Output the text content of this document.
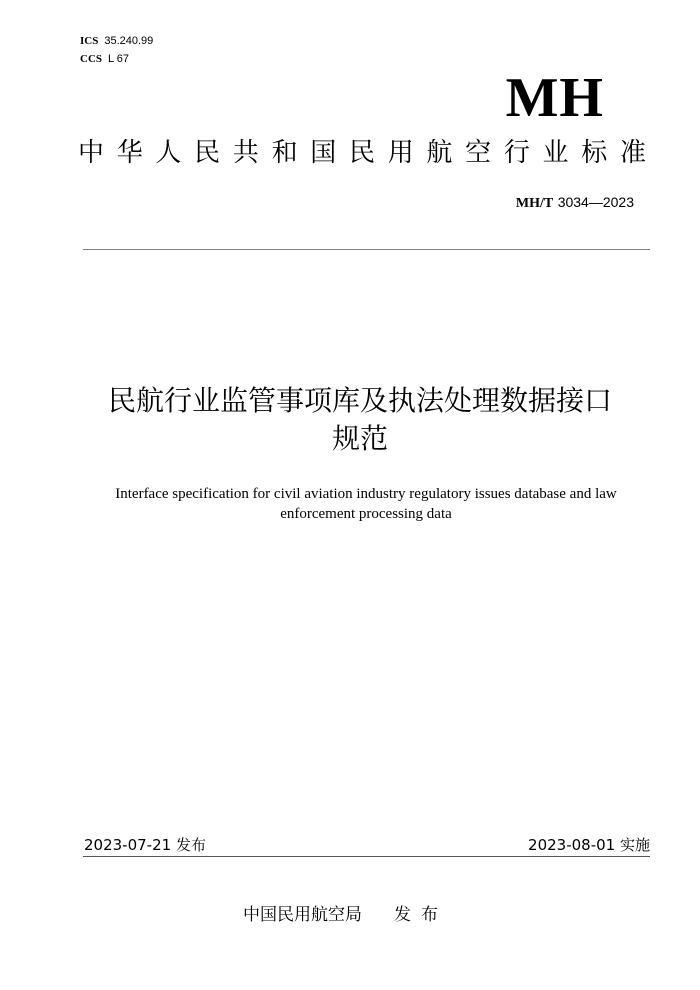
ICS 35.240.99
CCS L 67
MH
中华人民共和国民用航空行业标准
MH/T 3034—2023
民航行业监管事项库及执法处理数据接口
规范
Interface specification for civil aviation industry regulatory issues database and law
enforcement processing data
2023-07-21 发布	2023-08-01 实施
中国民用航空局 发布
